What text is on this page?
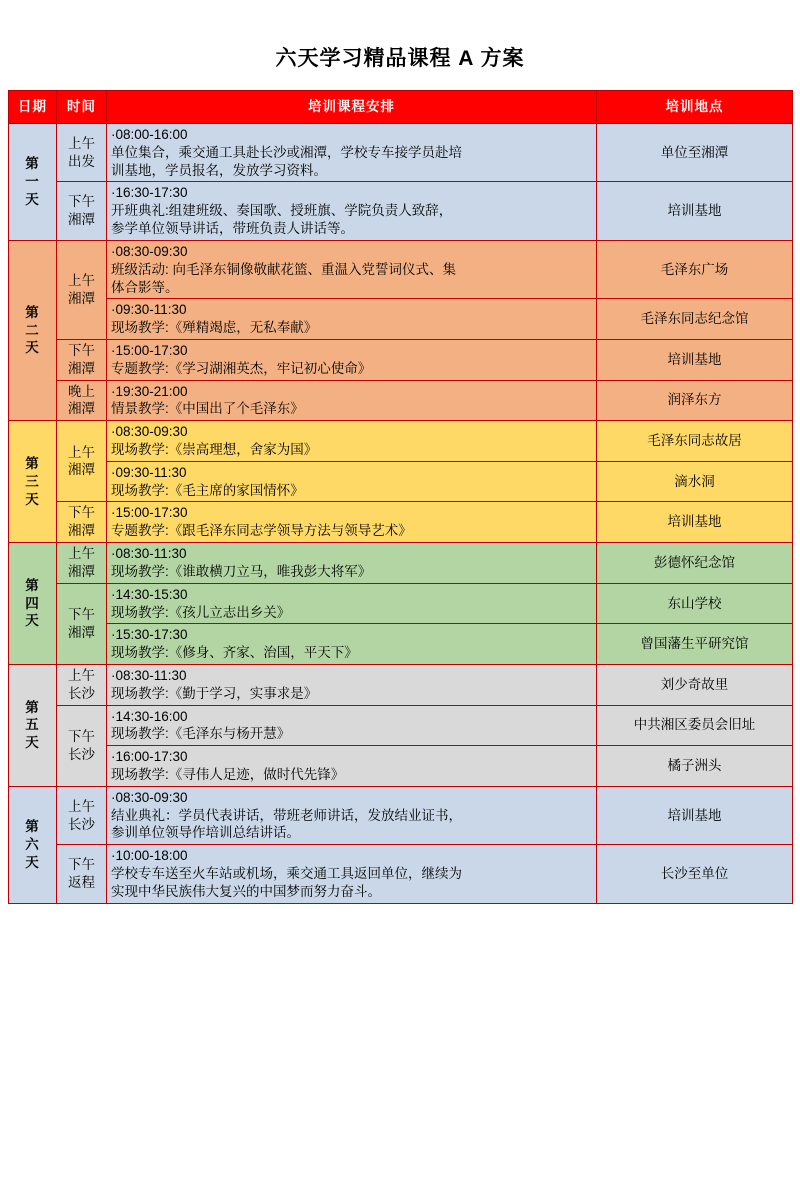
六天学习精品课程 A 方案
日期	时间	培训课程安排	培训地点

第
一
天	上午
出发	·08:00-16:00
单位集合，乘交通工具赴长沙或湘潭，学校专车接学员赴培
训基地，学员报名，发放学习资料。	单位至湘潭

	下午
湘潭	·16:30-17:30
开班典礼:组建班级、奏国歌、授班旗、学院负责人致辞，
参学单位领导讲话，带班负责人讲话等。	培训基地

第
二
天	上午
湘潭	·08:30-09:30
班级活动: 向毛泽东铜像敬献花篮、重温入党誓词仪式、集
体合影等。	毛泽东广场

		·09:30-11:30
现场教学:《殚精竭虑，无私奉献》	毛泽东同志纪念馆

	下午
湘潭	·15:00-17:30
专题教学:《学习湖湘英杰，牢记初心使命》	培训基地

	晚上
湘潭	·19:30-21:00
情景教学:《中国出了个毛泽东》	润泽东方

第
三
天	上午
湘潭	·08:30-09:30
现场教学:《崇高理想，舍家为国》	毛泽东同志故居

		·09:30-11:30
现场教学:《毛主席的家国情怀》	滴水洞

	下午
湘潭	·15:00-17:30
专题教学:《跟毛泽东同志学领导方法与领导艺术》	培训基地

第
四
天	上午
湘潭	·08:30-11:30
现场教学:《谁敢横刀立马，唯我彭大将军》	彭德怀纪念馆

	下午
湘潭	·14:30-15:30
现场教学:《孩儿立志出乡关》	东山学校

		·15:30-17:30
现场教学:《修身、齐家、治国，平天下》	曾国藩生平研究馆

第
五
天	上午
长沙	·08:30-11:30
现场教学:《勤于学习，实事求是》	刘少奇故里

	下午
长沙	·14:30-16:00
现场教学:《毛泽东与杨开慧》	中共湘区委员会旧址

		·16:00-17:30
现场教学:《寻伟人足迹，做时代先锋》	橘子洲头

第
六
天	上午
长沙	·08:30-09:30
结业典礼：学员代表讲话，带班老师讲话，发放结业证书，
参训单位领导作培训总结讲话。	培训基地

	下午
返程	·10:00-18:00
学校专车送至火车站或机场，乘交通工具返回单位，继续为
实现中华民族伟大复兴的中国梦而努力奋斗。	长沙至单位
